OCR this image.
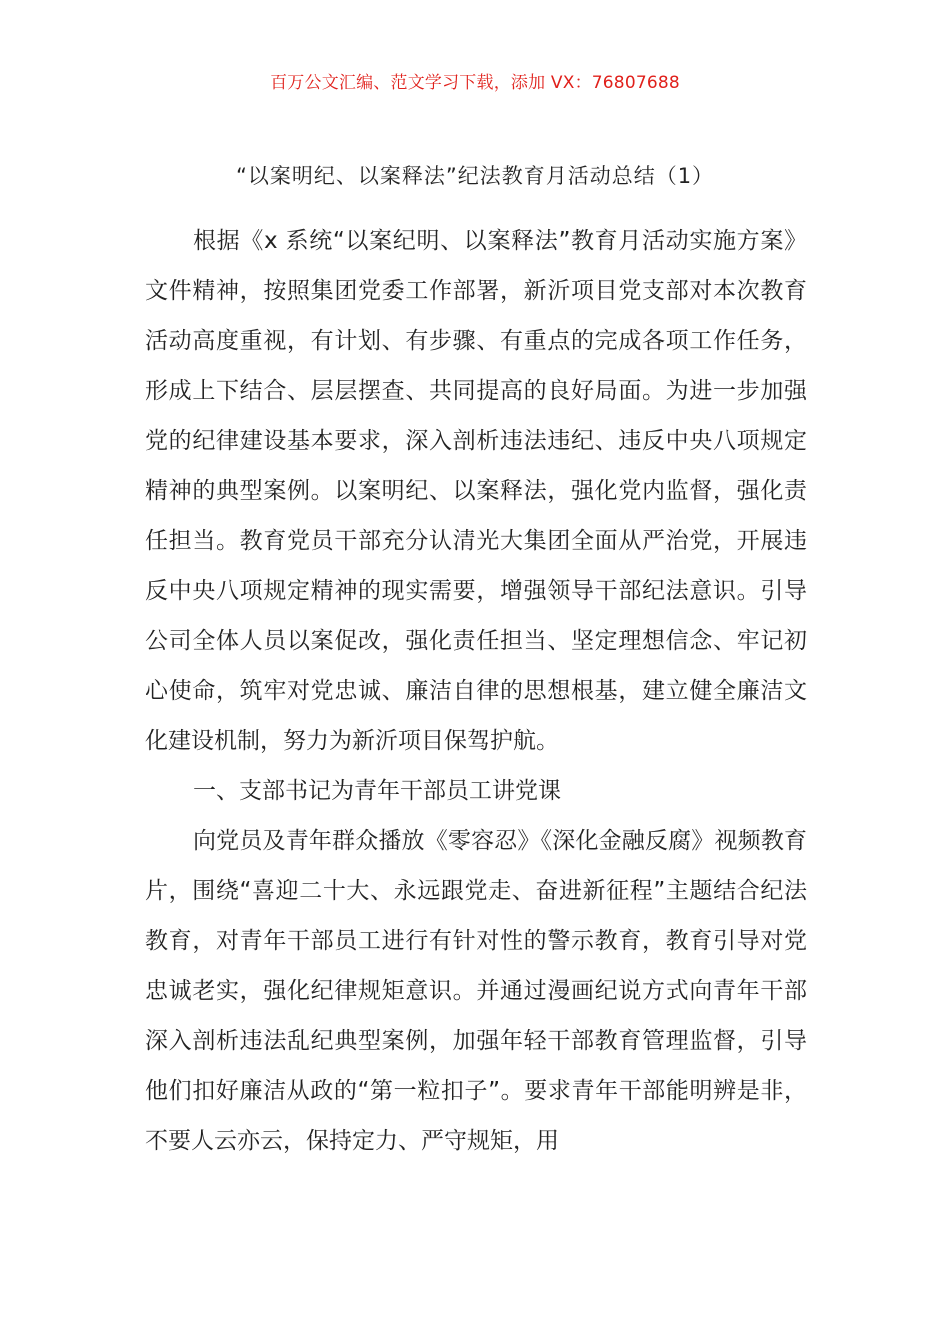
百万公文汇编、范文学习下载，添加 VX：76807688
“以案明纪、以案释法”纪法教育月活动总结（1）

根据《x 系统“以案纪明、以案释法”教育月活动实施方案》文件精神，按照集团党委工作部署，新沂项目党支部对本次教育活动高度重视，有计划、有步骤、有重点的完成各项工作任务，形成上下结合、层层摆查、共同提高的良好局面。为进一步加强党的纪律建设基本要求，深入剖析违法违纪、违反中央八项规定精神的典型案例。以案明纪、以案释法，强化党内监督，强化责任担当。教育党员干部充分认清光大集团全面从严治党，开展违反中央八项规定精神的现实需要，增强领导干部纪法意识。引导公司全体人员以案促改，强化责任担当、坚定理想信念、牢记初心使命，筑牢对党忠诚、廉洁自律的思想根基，建立健全廉洁文化建设机制，努力为新沂项目保驾护航。

一、支部书记为青年干部员工讲党课

向党员及青年群众播放《零容忍》《深化金融反腐》视频教育片，围绕“喜迎二十大、永远跟党走、奋进新征程”主题结合纪法教育，对青年干部员工进行有针对性的警示教育，教育引导对党忠诚老实，强化纪律规矩意识。并通过漫画纪说方式向青年干部深入剖析违法乱纪典型案例，加强年轻干部教育管理监督，引导他们扣好廉洁从政的“第一粒扣子”。要求青年干部能明辨是非，不要人云亦云，保持定力、严守规矩，用
